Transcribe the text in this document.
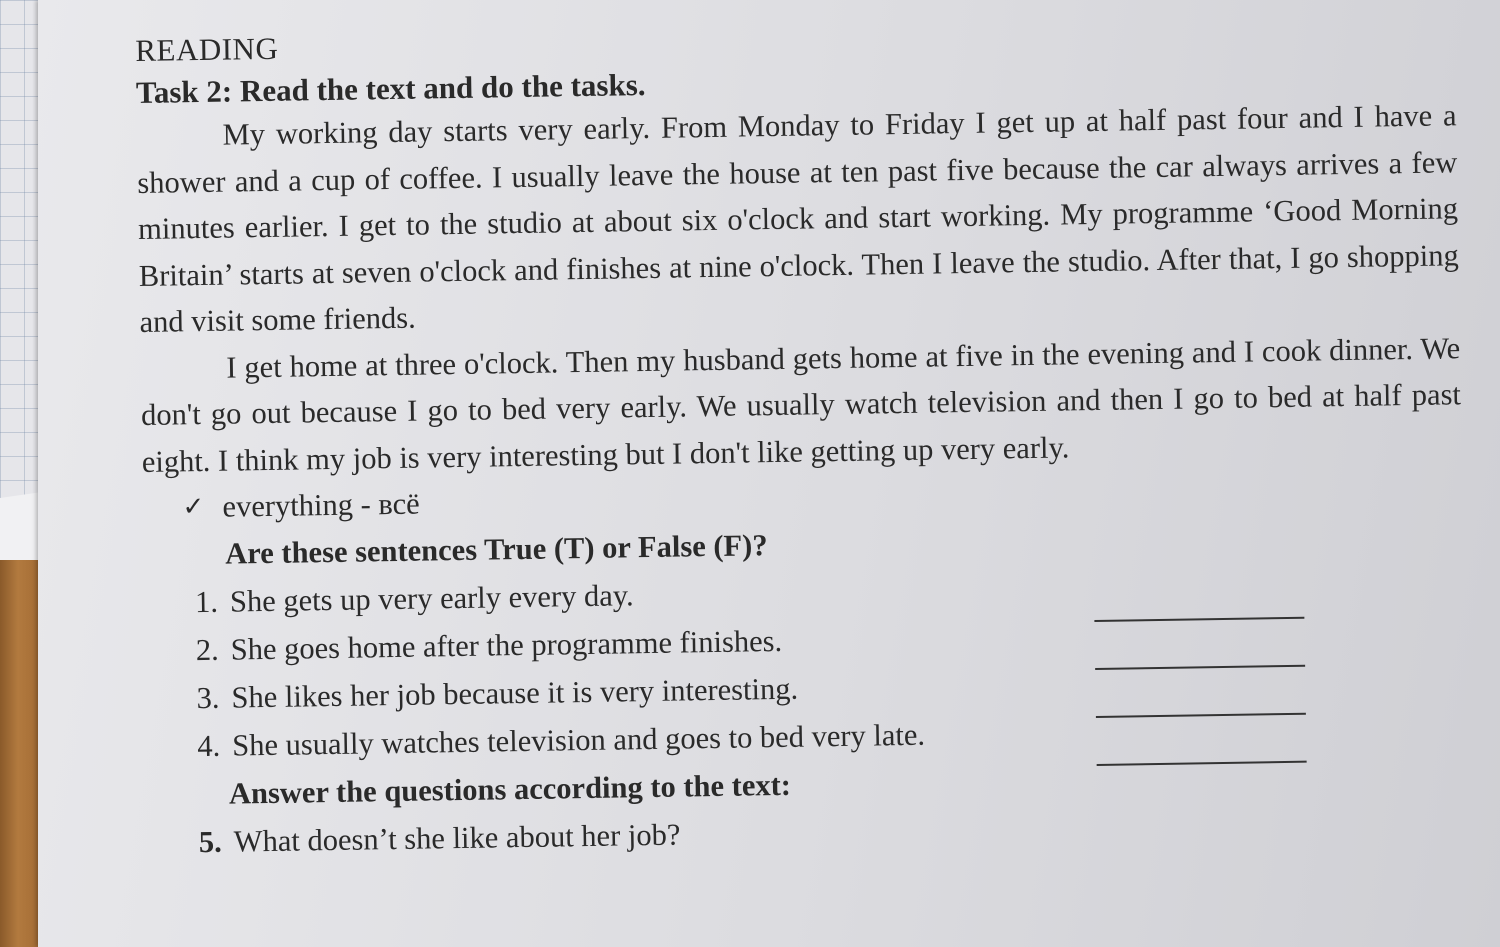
READING
Task 2: Read the text and do the tasks.

My working day starts very early. From Monday to Friday I get up at half past four and I have a shower and a cup of coffee. I usually leave the house at ten past five because the car always arrives a few minutes earlier. I get to the studio at about six o'clock and start working. My programme ‘Good Morning Britain’ starts at seven o'clock and finishes at nine o'clock. Then I leave the studio. After that, I go shopping and visit some friends.

I get home at three o'clock. Then my husband gets home at five in the evening and I cook dinner. We don't go out because I go to bed very early. We usually watch television and then I go to bed at half past eight. I think my job is very interesting but I don't like getting up very early.

✓ everything - всё
Are these sentences True (T) or False (F)?
1. She gets up very early every day.
2. She goes home after the programme finishes.
3. She likes her job because it is very interesting.
4. She usually watches television and goes to bed very late.
Answer the questions according to the text:
5. What doesn’t she like about her job?
